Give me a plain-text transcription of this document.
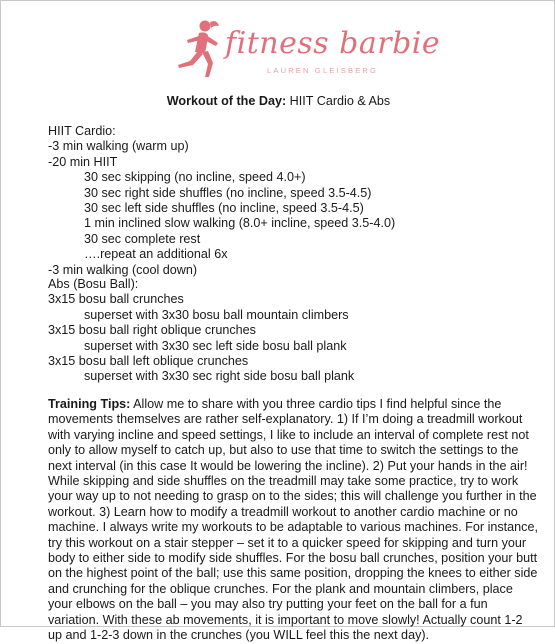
fitness barbie
LAUREN GLEISBERG
Workout of the Day: HIIT Cardio & Abs
HIIT Cardio:
-3 min walking (warm up)
-20 min HIIT
30 sec skipping (no incline, speed 4.0+)
30 sec right side shuffles (no incline, speed 3.5-4.5)
30 sec left side shuffles (no incline, speed 3.5-4.5)
1 min inclined slow walking (8.0+ incline, speed 3.5-4.0)
30 sec complete rest
….repeat an additional 6x
-3 min walking (cool down)
Abs (Bosu Ball):
3x15 bosu ball crunches
superset with 3x30 bosu ball mountain climbers
3x15 bosu ball right oblique crunches
superset with 3x30 sec left side bosu ball plank
3x15 bosu ball left oblique crunches
superset with 3x30 sec right side bosu ball plank

Training Tips: Allow me to share with you three cardio tips I find helpful since the movements themselves are rather self-explanatory. 1) If I’m doing a treadmill workout with varying incline and speed settings, I like to include an interval of complete rest not only to allow myself to catch up, but also to use that time to switch the settings to the next interval (in this case It would be lowering the incline). 2) Put your hands in the air! While skipping and side shuffles on the treadmill may take some practice, try to work your way up to not needing to grasp on to the sides; this will challenge you further in the workout. 3) Learn how to modify a treadmill workout to another cardio machine or no machine. I always write my workouts to be adaptable to various machines. For instance, try this workout on a stair stepper – set it to a quicker speed for skipping and turn your body to either side to modify side shuffles. For the bosu ball crunches, position your butt on the highest point of the ball; use this same position, dropping the knees to either side and crunching for the oblique crunches. For the plank and mountain climbers, place your elbows on the ball – you may also try putting your feet on the ball for a fun variation. With these ab movements, it is important to move slowly! Actually count 1-2 up and 1-2-3 down in the crunches (you WILL feel this the next day).
